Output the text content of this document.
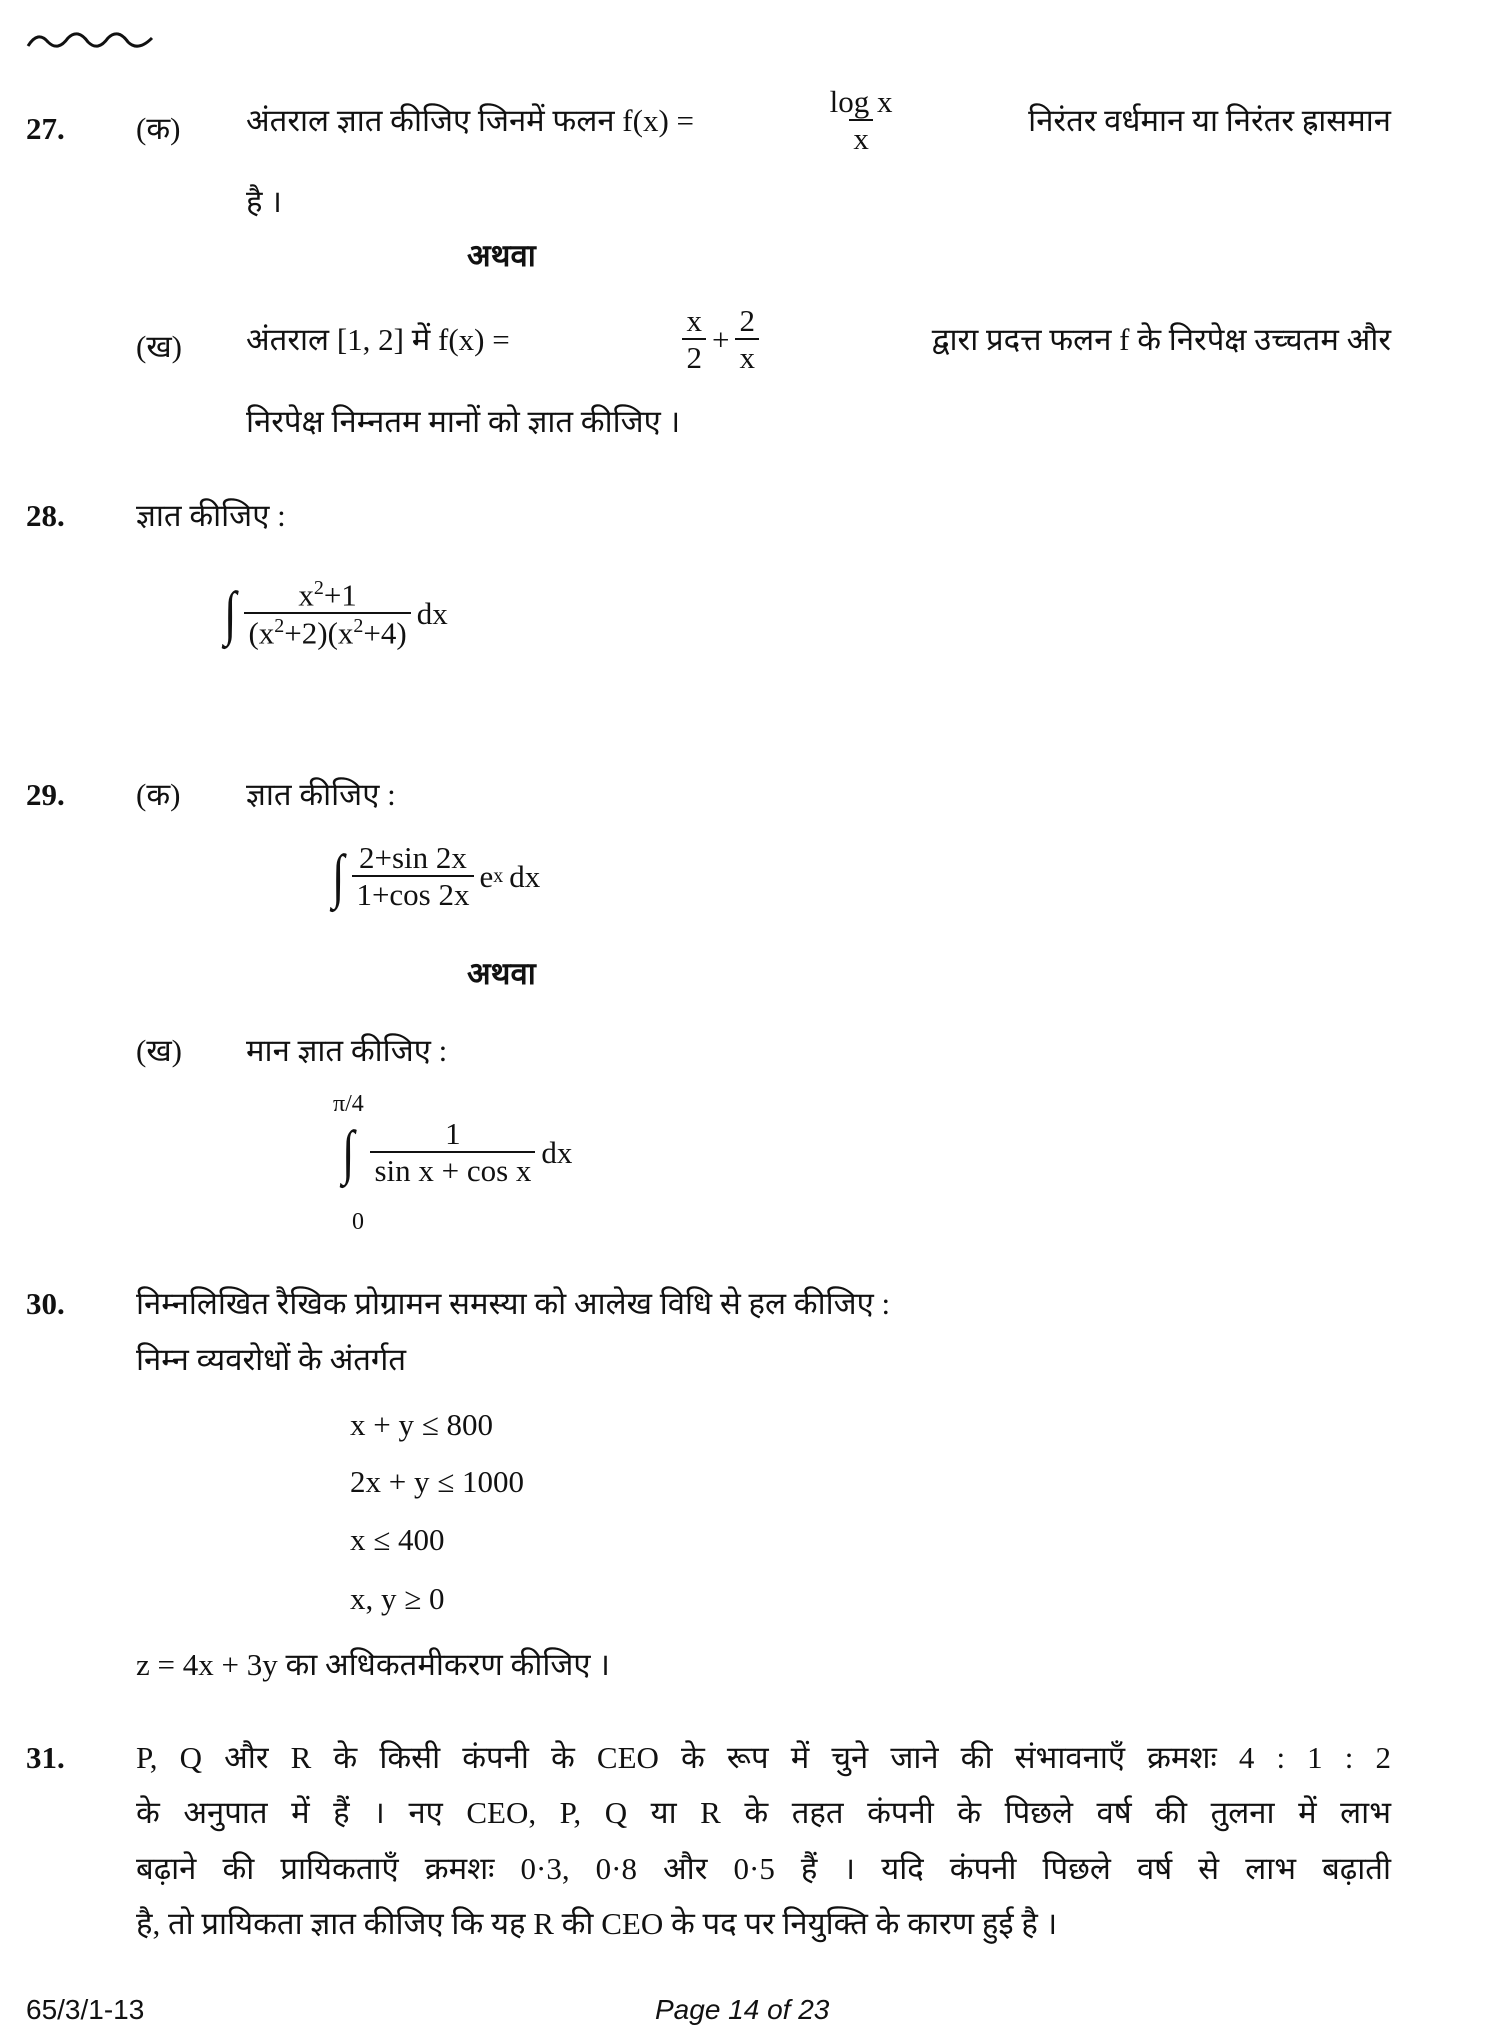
27. (क) अंतराल ज्ञात कीजिए जिनमें फलन f(x) =	$\frac{\text{log x}}{x}$	निरंतर वर्धमान या निरंतर ह्रासमान
है ।
अथवा
(ख) अंतराल [1, 2] में f(x) =	$\frac{x}{2} + \frac{2}{x}$	द्वारा प्रदत्त फलन f के निरपेक्ष उच्चतम और
निरपेक्ष निम्नतम मानों को ज्ञात कीजिए ।
28. ज्ञात कीजिए :
∫ $\frac{x^2+1}{(x^2+2)(x^2+4)}$ dx
29. (क) ज्ञात कीजिए :
∫ $\frac{2+\sin 2x}{1+\cos 2x}$ e x dx
अथवा
(ख) मान ज्ञात कीजिए :
π/4
0
∫ $\frac{1}{\text{sin x + cos x}}$ dx
30. निम्नलिखित रैखिक प्रोग्रामन समस्या को आलेख विधि से हल कीजिए :
निम्न व्यवरोधों के अंतर्गत
x + y ≤ 800
2x + y ≤ 1000
x ≤ 400
x, y ≥ 0
z = 4x + 3y का अधिकतमीकरण कीजिए ।
31. P, Q और R के किसी कंपनी के CEO के रूप में चुने जाने की संभावनाएँ क्रमशः 4 : 1 : 2
के अनुपात में हैं । नए CEO, P, Q या R के तहत कंपनी के पिछले वर्ष की तुलना में लाभ
बढ़ाने की प्रायिकताएँ क्रमशः 0·3, 0·8 और 0·5 हैं । यदि कंपनी पिछले वर्ष से लाभ बढ़ाती
है, तो प्रायिकता ज्ञात कीजिए कि यह R की CEO के पद पर नियुक्ति के कारण हुई है ।
65/3/1-13	Page 14 of 23
